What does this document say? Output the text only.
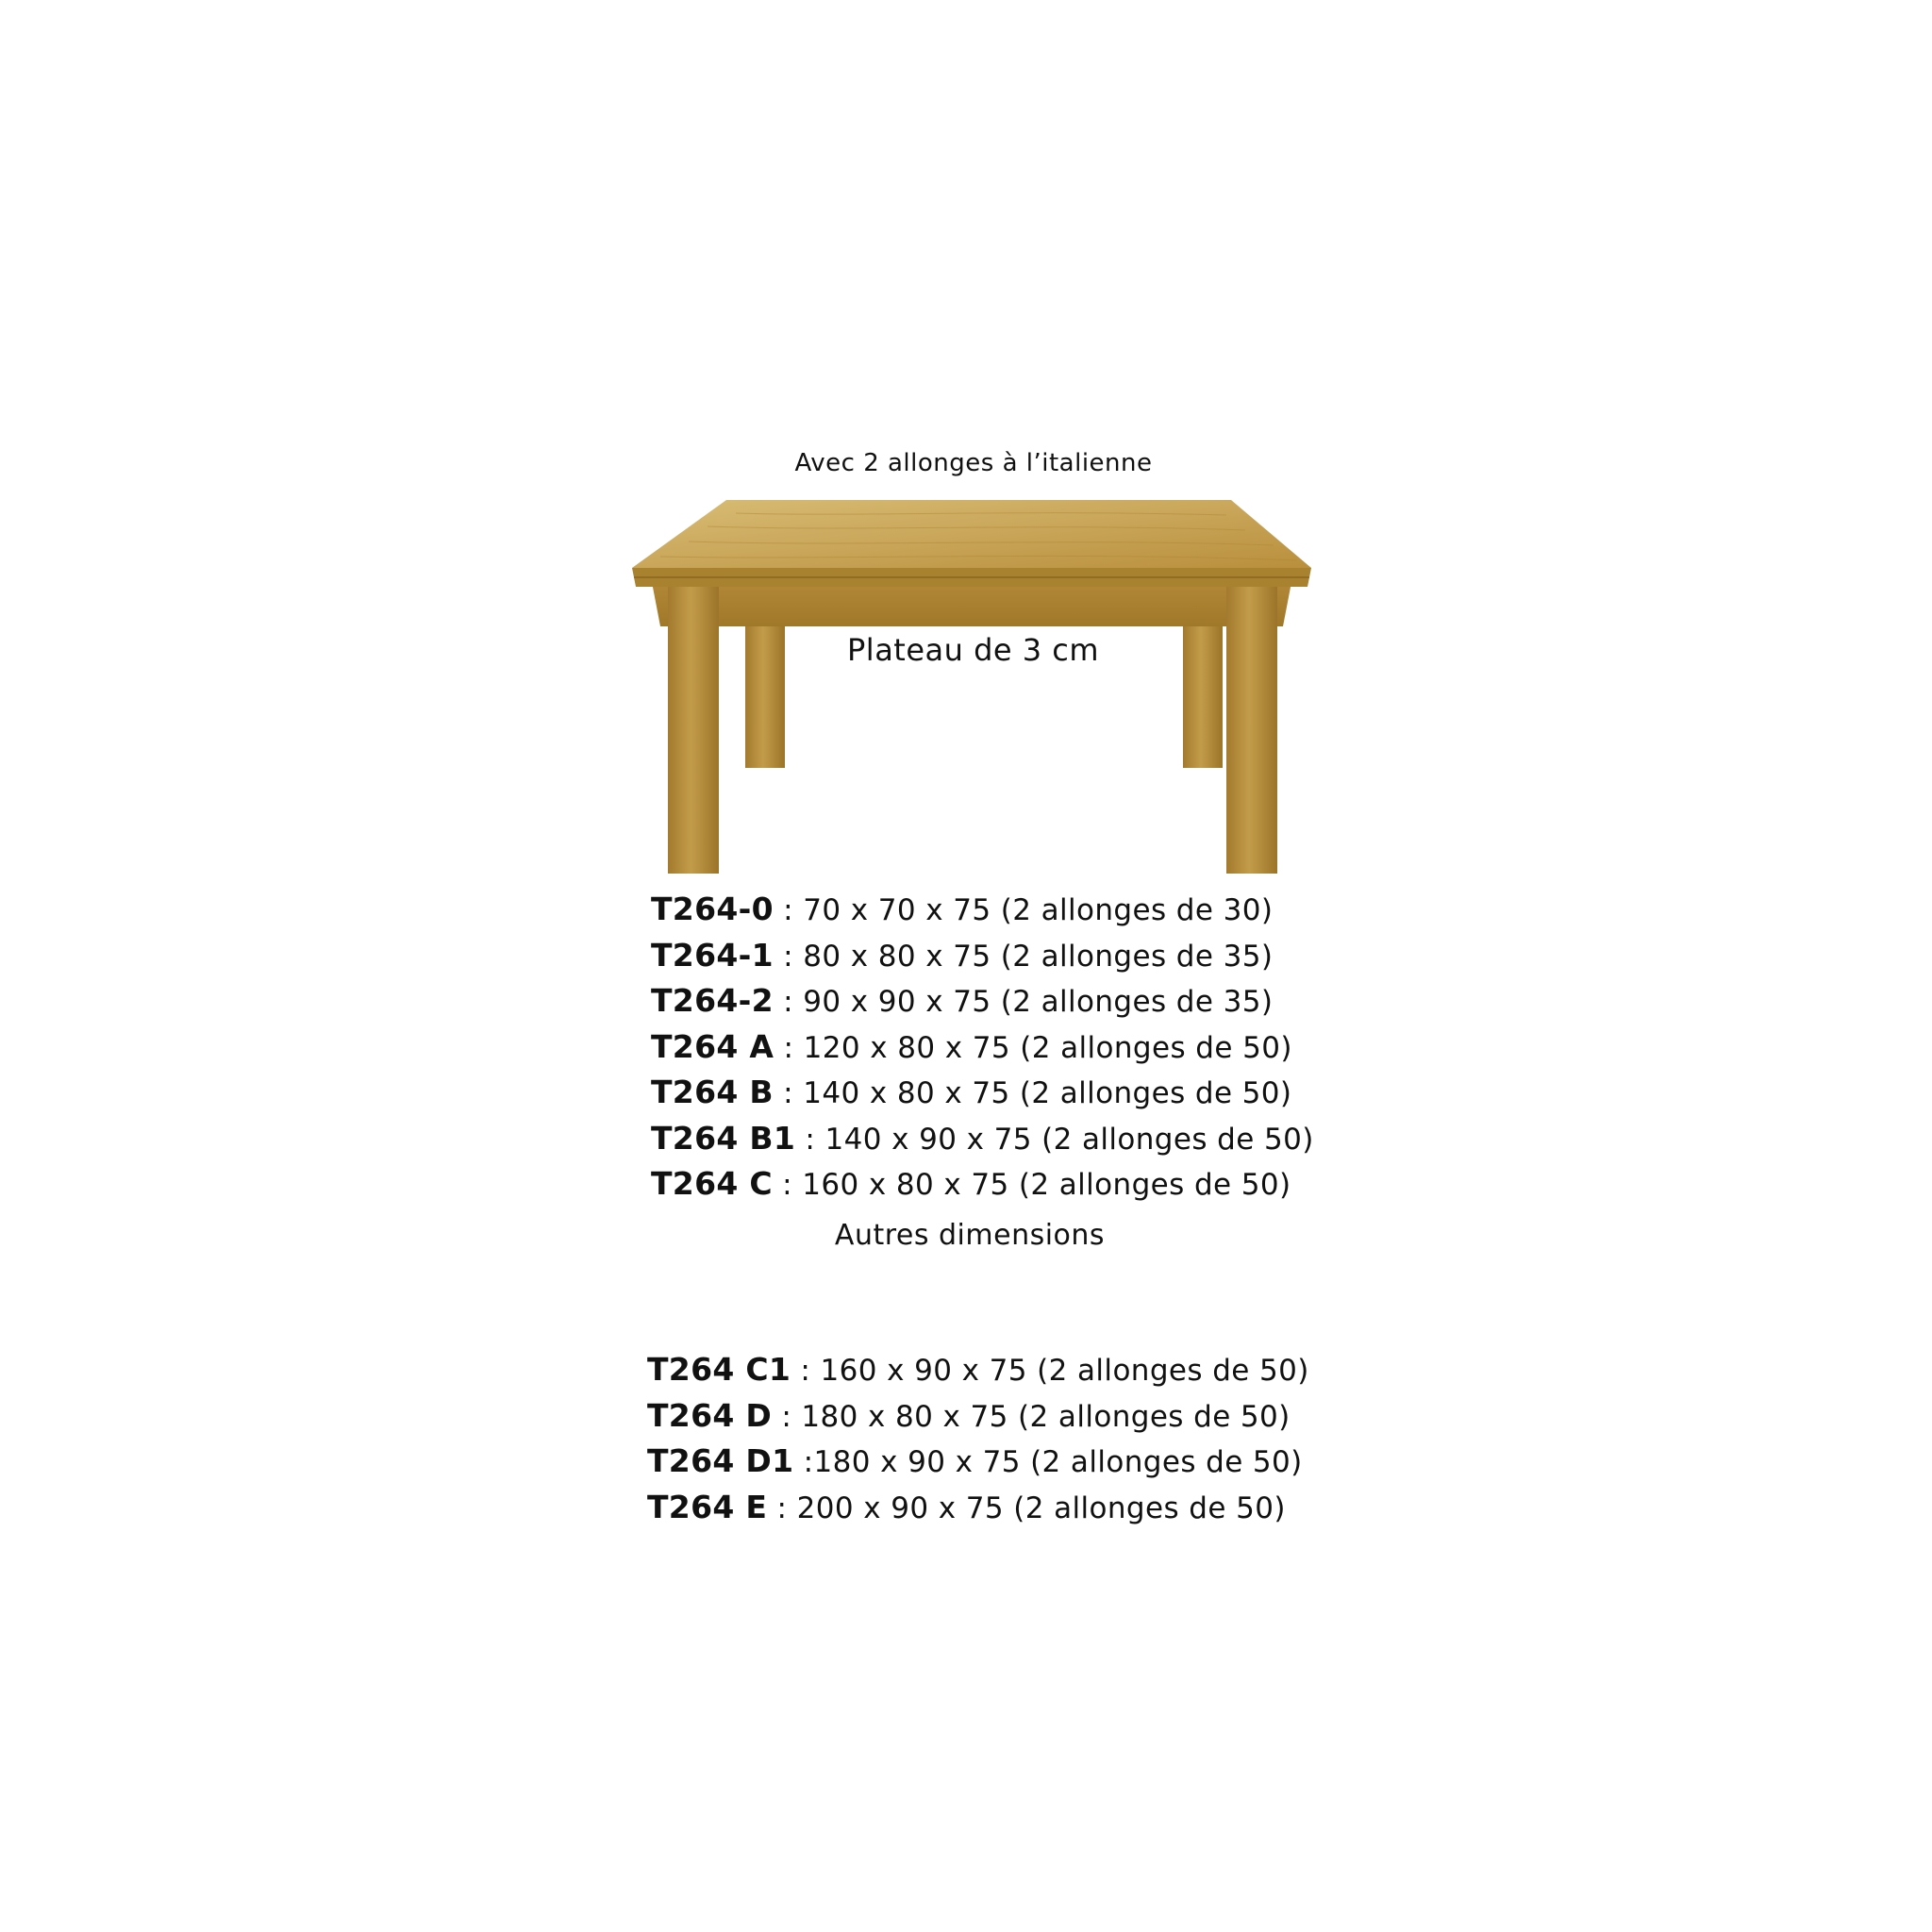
Avec 2 allonges à l’italienne
Plateau de 3 cm
T264-0 : 70 x 70 x 75 (2 allonges de 30)
T264-1 : 80 x 80 x 75 (2 allonges de 35)
T264-2 : 90 x 90 x 75 (2 allonges de 35)
T264 A : 120 x 80 x 75 (2 allonges de 50)
T264 B : 140 x 80 x 75 (2 allonges de 50)
T264 B1 : 140 x 90 x 75 (2 allonges de 50)
T264 C : 160 x 80 x 75 (2 allonges de 50)
Autres dimensions
T264 C1 : 160 x 90 x 75 (2 allonges de 50)
T264 D : 180 x 80 x 75 (2 allonges de 50)
T264 D1 :180 x 90 x 75 (2 allonges de 50)
T264 E : 200 x 90 x 75 (2 allonges de 50)
